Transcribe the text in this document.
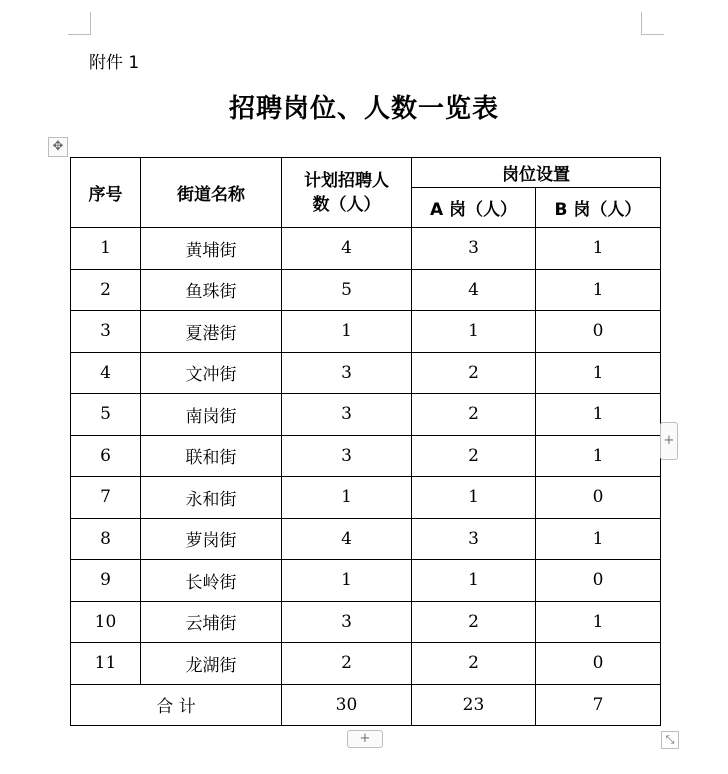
附件 1
招聘岗位、人数一览表
✥
序号	街道名称	计划招聘人数（人）	岗位设置	
			A 岗（人）	B 岗（人）
1	黄埔街	4	3	1
2	鱼珠街	5	4	1
3	夏港街	1	1	0
4	文冲街	3	2	1
5	南岗街	3	2	1
6	联和街	3	2	1
7	永和街	1	1	0
8	萝岗街	4	3	1
9	长岭街	1	1	0
10	云埔街	3	2	1
11	龙湖街	2	2	0
合 计		30	23	7
+
+	⤡
